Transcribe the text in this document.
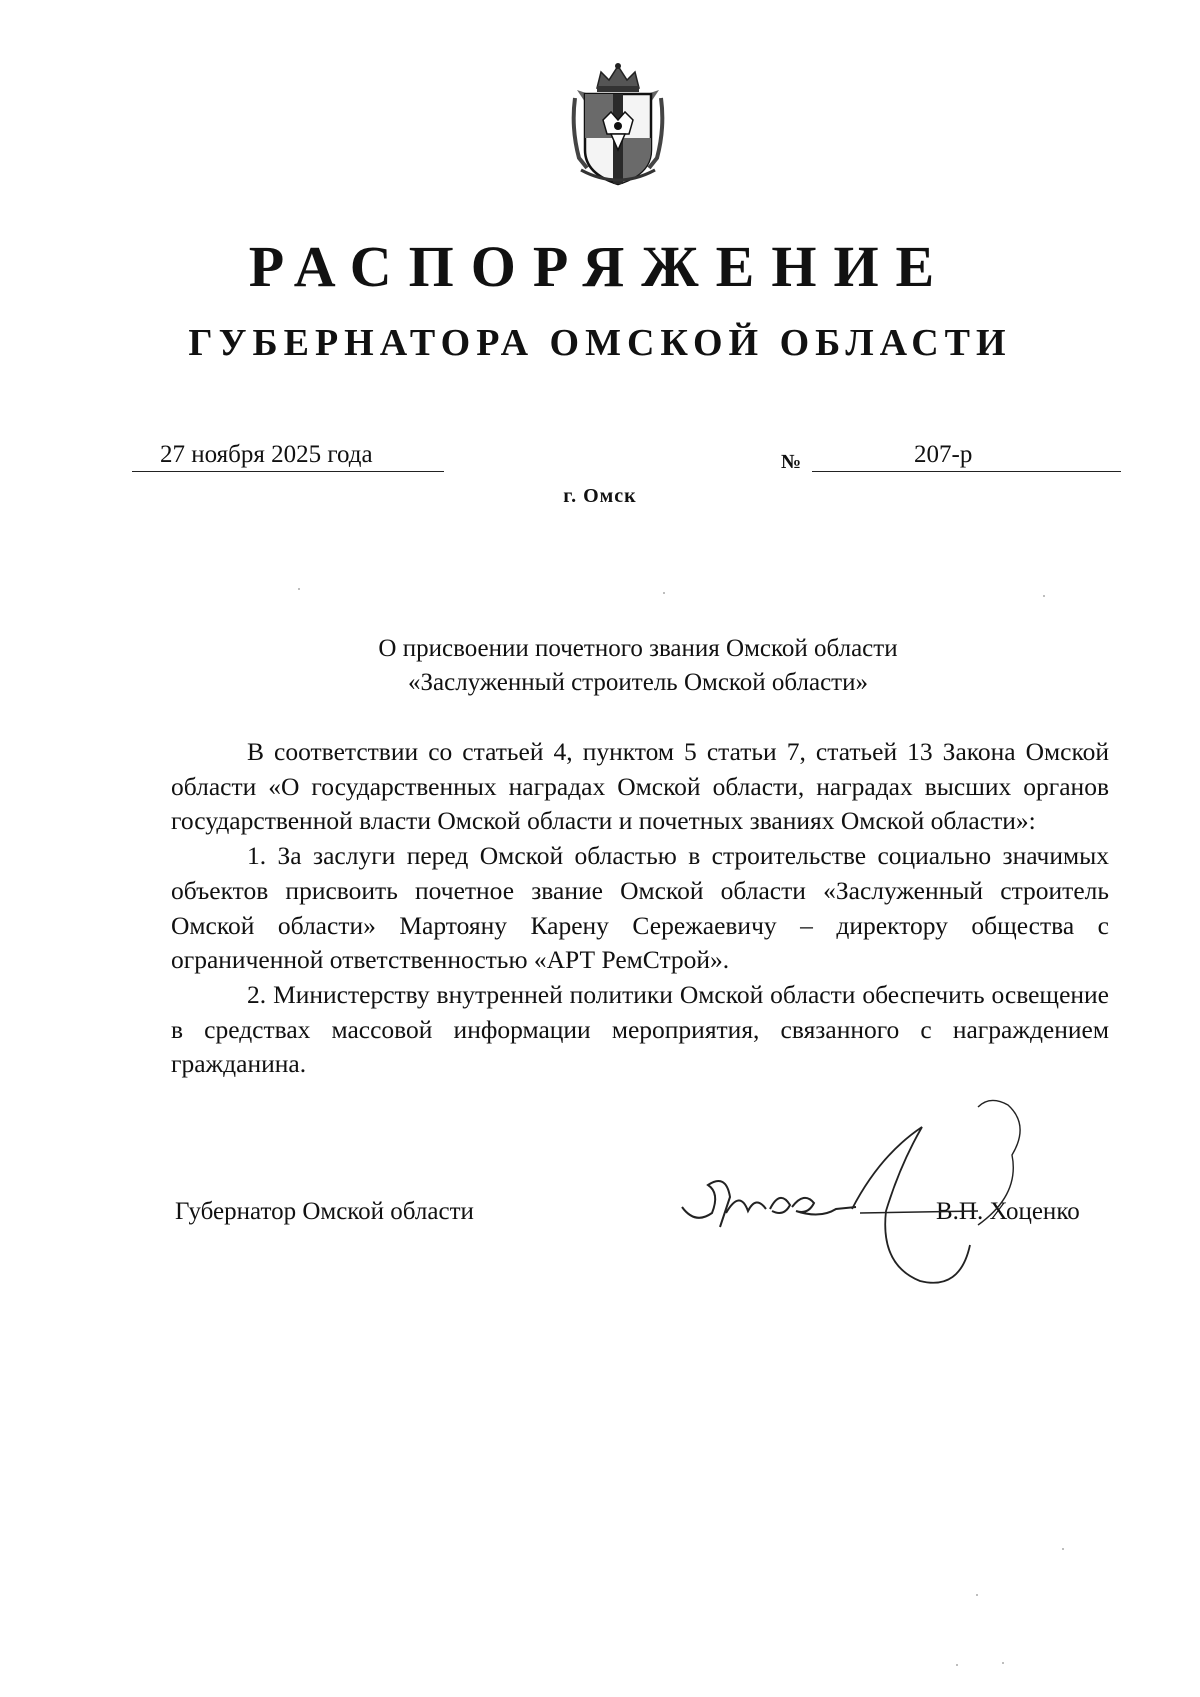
РАСПОРЯЖЕНИЕ
ГУБЕРНАТОРА ОМСКОЙ ОБЛАСТИ
27 ноября 2025 года	№	207-р
г. Омск
О присвоении почетного звания Омской области
«Заслуженный строитель Омской области»

В соответствии со статьей 4, пунктом 5 статьи 7, статьей 13 Закона Омской области «О государственных наградах Омской области, наградах высших органов государственной власти Омской области и почетных званиях Омской области»:

1. За заслуги перед Омской областью в строительстве социально значимых объектов присвоить почетное звание Омской области «Заслуженный строитель Омской области» Мартояну Карену Сережаевичу – директору общества с ограниченной ответственностью «АРТ РемСтрой».

2. Министерству внутренней политики Омской области обеспечить освещение в средствах массовой информации мероприятия, связанного с награждением гражданина.

Губернатор Омской области	В.П. Хоценко
